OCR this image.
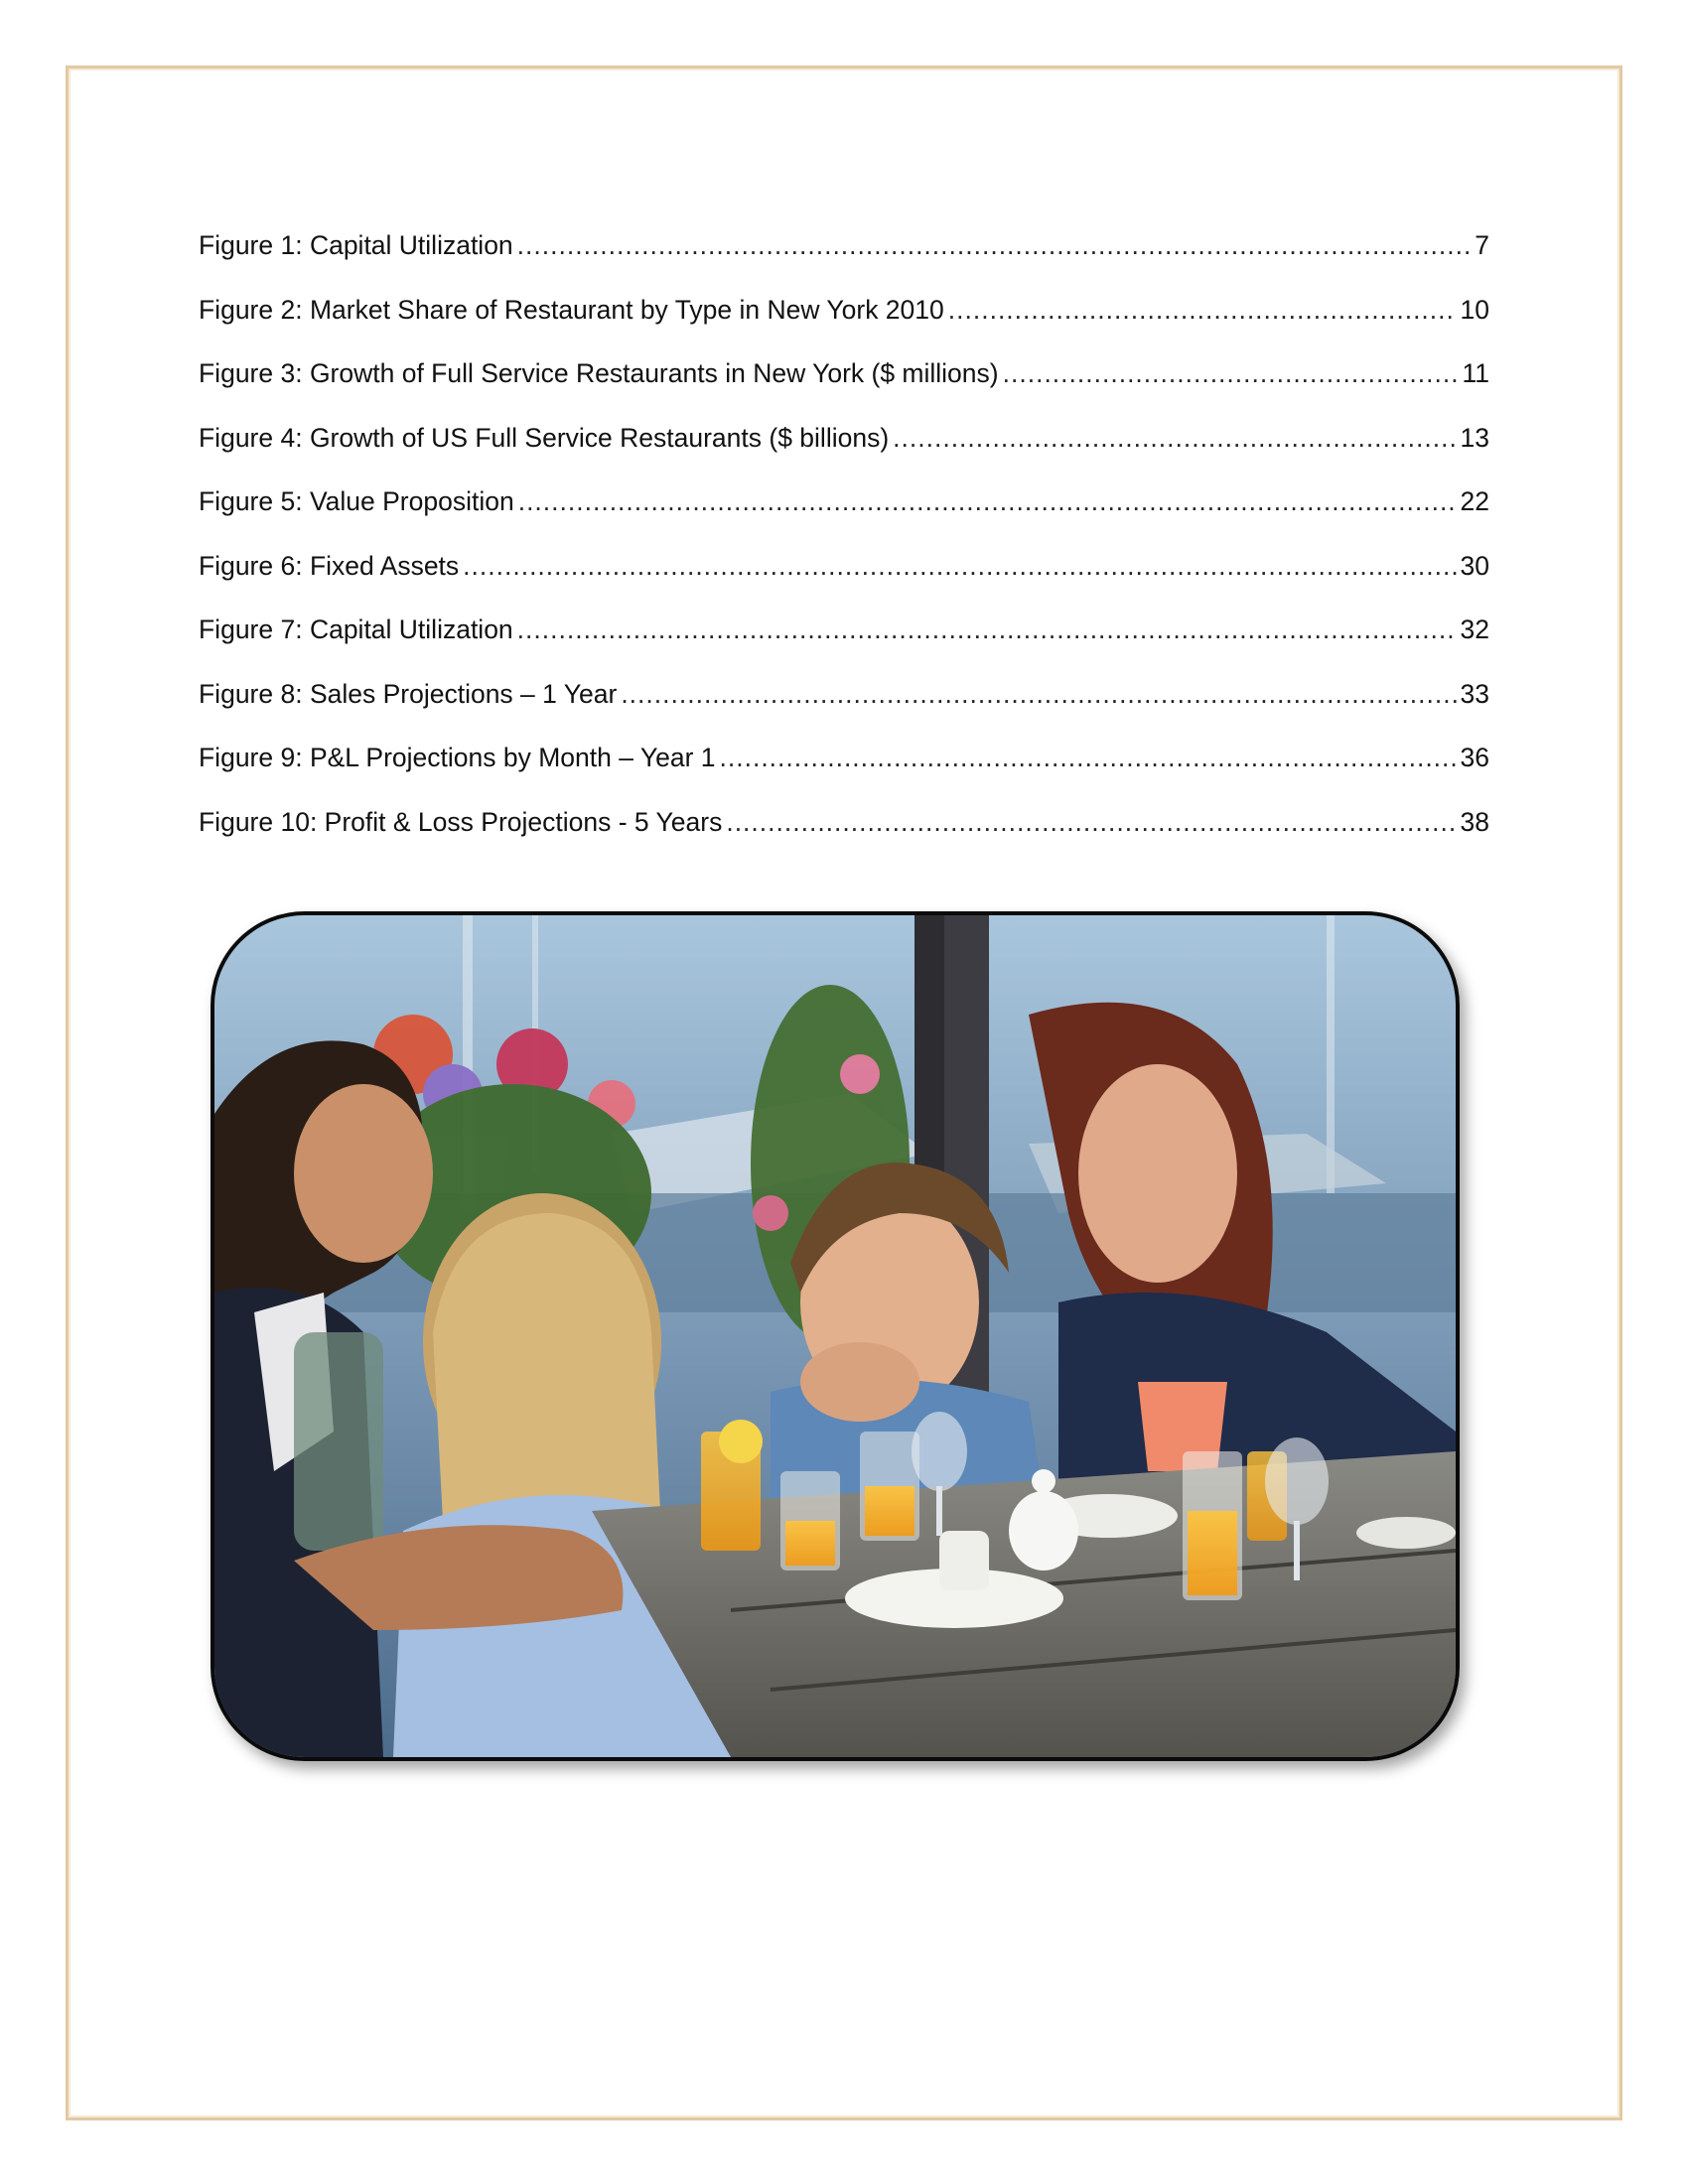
Figure 1: Capital Utilization .....	7
Figure 2: Market Share of Restaurant by Type in New York 2010 .....	10
Figure 3: Growth of Full Service Restaurants in New York ($ millions) .....	11
Figure 4: Growth of US Full Service Restaurants ($ billions) .....	13
Figure 5: Value Proposition .....	22
Figure 6: Fixed Assets .....	30
Figure 7: Capital Utilization .....	32
Figure 8: Sales Projections – 1 Year .....	33
Figure 9: P&L Projections by Month – Year 1 .....	36
Figure 10: Profit & Loss Projections - 5 Years .....	38
